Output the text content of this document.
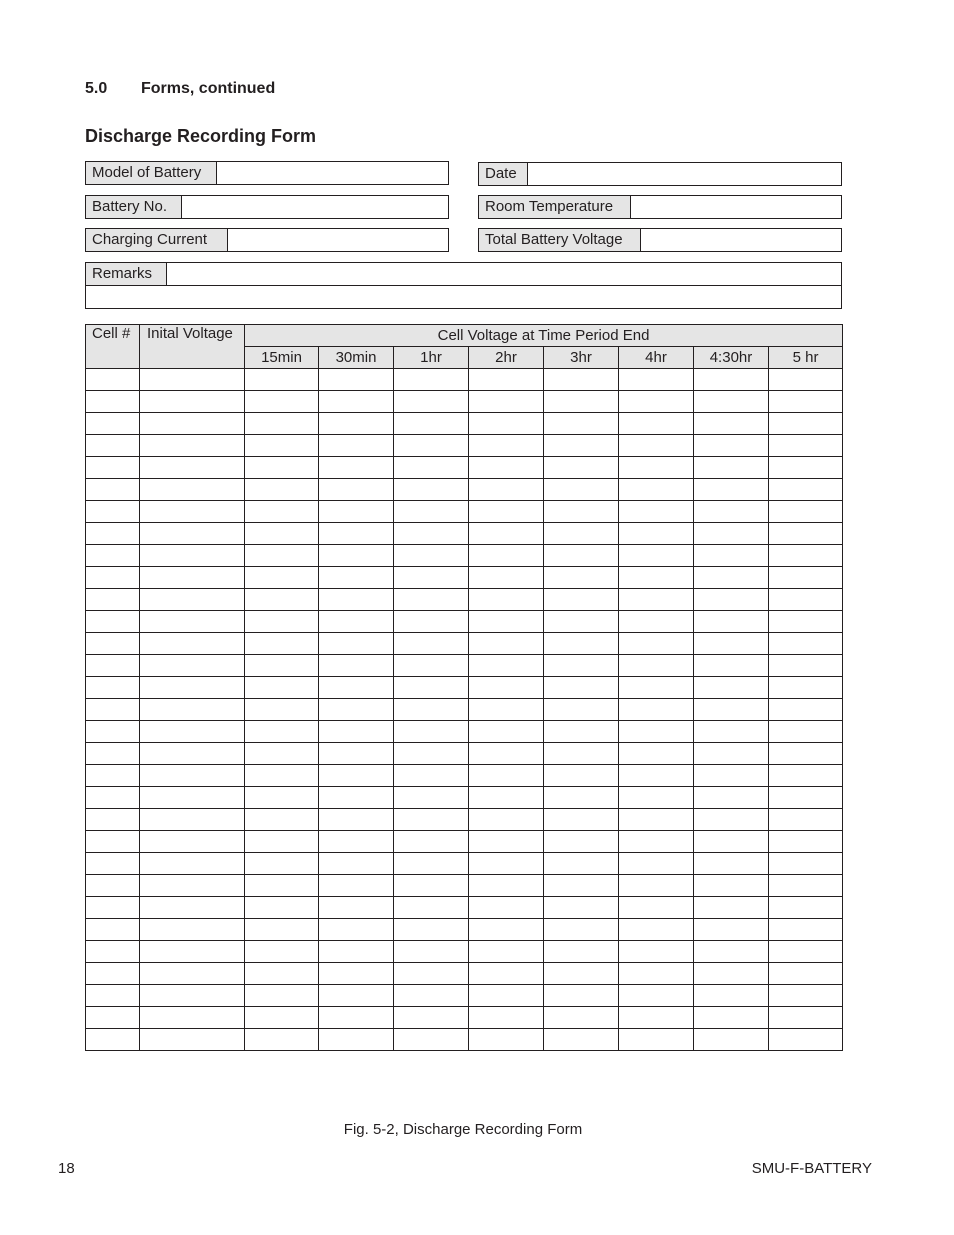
5.0 Forms, continued
Discharge Recording Form
Model of Battery
Battery No.
Charging Current
Date
Room Temperature
Total Battery Voltage
Remarks
Cell #	Inital Voltage	Cell Voltage at Time Period End							
		15min	30min	1hr	2hr	3hr	4hr	4:30hr	5 hr

Fig. 5-2, Discharge Recording Form
18	SMU-F-BATTERY
